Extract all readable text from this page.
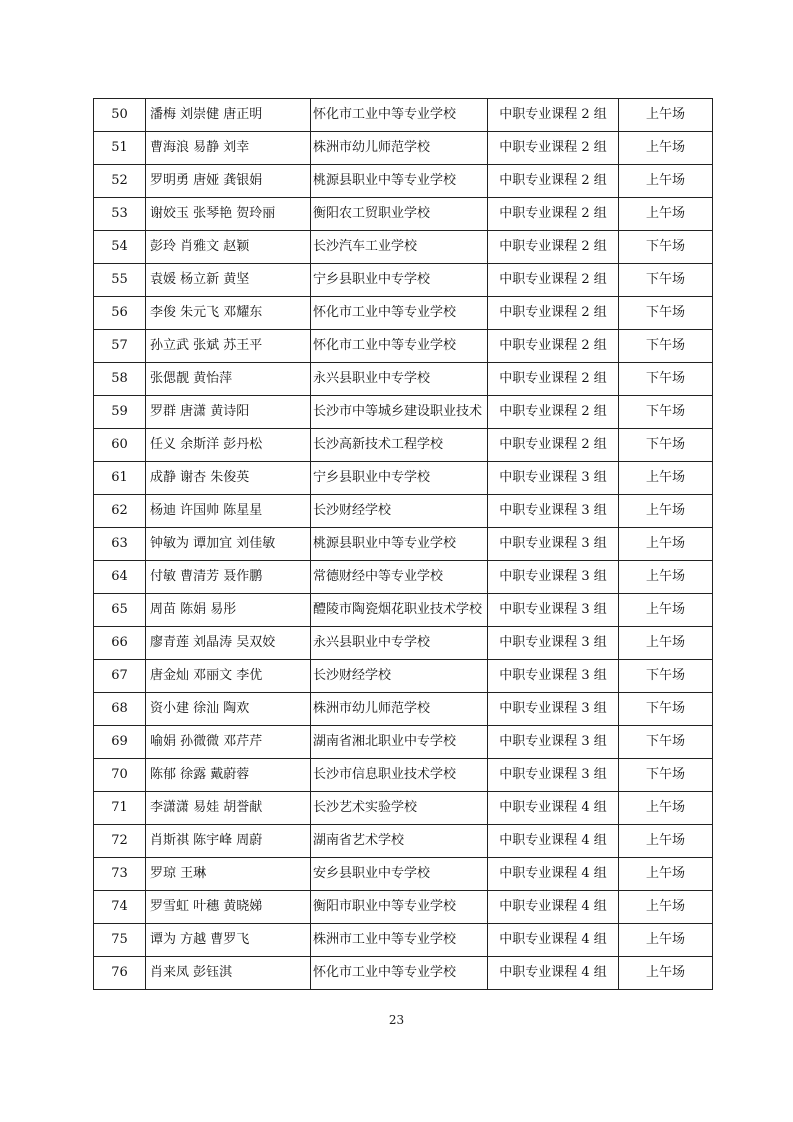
50	潘梅 刘崇健 唐正明	怀化市工业中等专业学校	中职专业课程 2 组	上午场
51	曹海浪 易静 刘幸	株洲市幼儿师范学校	中职专业课程 2 组	上午场
52	罗明勇 唐娅 龚银娟	桃源县职业中等专业学校	中职专业课程 2 组	上午场
53	谢姣玉 张琴艳 贺玲丽	衡阳农工贸职业学校	中职专业课程 2 组	上午场
54	彭玲 肖雅文 赵颖	长沙汽车工业学校	中职专业课程 2 组	下午场
55	袁媛 杨立新 黄坚	宁乡县职业中专学校	中职专业课程 2 组	下午场
56	李俊 朱元飞 邓耀东	怀化市工业中等专业学校	中职专业课程 2 组	下午场
57	孙立武 张斌 苏王平	怀化市工业中等专业学校	中职专业课程 2 组	下午场
58	张偲靓 黄怡萍	永兴县职业中专学校	中职专业课程 2 组	下午场
59	罗群 唐潇 黄诗阳	长沙市中等城乡建设职业技术	中职专业课程 2 组	下午场
60	任义 余斯洋 彭丹松	长沙高新技术工程学校	中职专业课程 2 组	下午场
61	成静 谢杏 朱俊英	宁乡县职业中专学校	中职专业课程 3 组	上午场
62	杨迪 许国帅 陈星星	长沙财经学校	中职专业课程 3 组	上午场
63	钟敏为 谭加宜 刘佳敏	桃源县职业中等专业学校	中职专业课程 3 组	上午场
64	付敏 曹清芳 聂作鹏	常德财经中等专业学校	中职专业课程 3 组	上午场
65	周苗 陈娟 易彤	醴陵市陶瓷烟花职业技术学校	中职专业课程 3 组	上午场
66	廖青莲 刘晶涛 吴双姣	永兴县职业中专学校	中职专业课程 3 组	上午场
67	唐金灿 邓丽文 李优	长沙财经学校	中职专业课程 3 组	下午场
68	资小建 徐汕 陶欢	株洲市幼儿师范学校	中职专业课程 3 组	下午场
69	喻娟 孙微微 邓芹芹	湖南省湘北职业中专学校	中职专业课程 3 组	下午场
70	陈郁 徐露 戴蔚蓉	长沙市信息职业技术学校	中职专业课程 3 组	下午场
71	李潇潇 易娃 胡誉献	长沙艺术实验学校	中职专业课程 4 组	上午场
72	肖斯祺 陈宇峰 周蔚	湖南省艺术学校	中职专业课程 4 组	上午场
73	罗琼 王琳	安乡县职业中专学校	中职专业课程 4 组	上午场
74	罗雪虹 叶穗 黄晓娣	衡阳市职业中等专业学校	中职专业课程 4 组	上午场
75	谭为 方越 曹罗飞	株洲市工业中等专业学校	中职专业课程 4 组	上午场
76	肖来凤 彭钰淇	怀化市工业中等专业学校	中职专业课程 4 组	上午场
23
